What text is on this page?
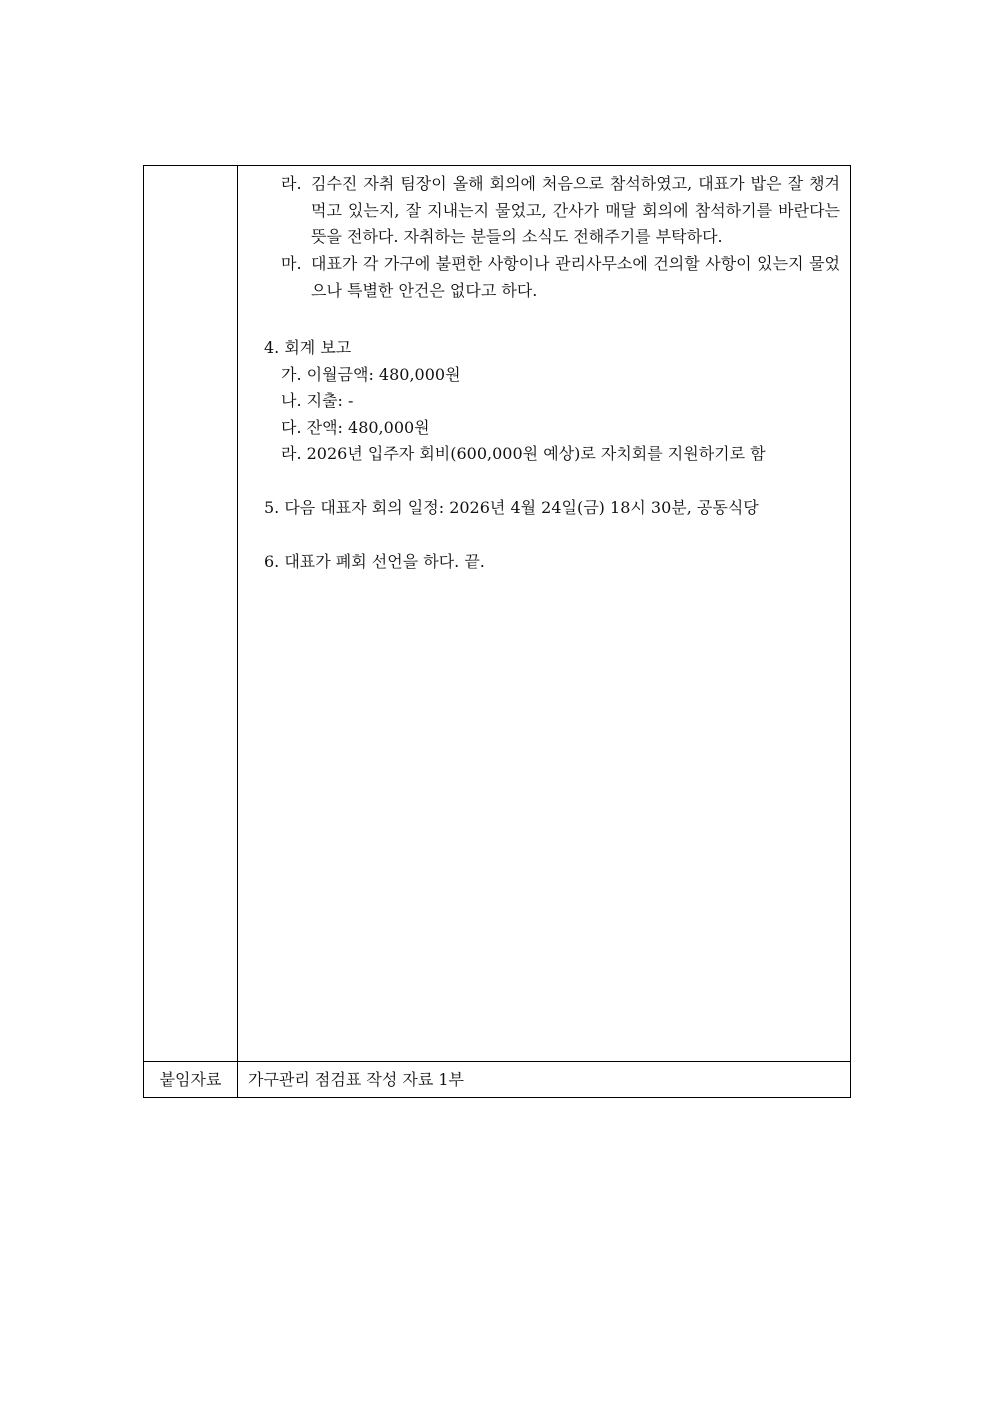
라. 김수진 자취 팀장이 올해 회의에 처음으로 참석하였고, 대표가 밥은 잘 챙겨 먹고 있는지, 잘 지내는지 물었고, 간사가 매달 회의에 참석하기를 바란다는 뜻을 전하다. 자취하는 분들의 소식도 전해주기를 부탁하다.
마. 대표가 각 가구에 불편한 사항이나 관리사무소에 건의할 사항이 있는지 물었으나 특별한 안건은 없다고 하다.
4. 회계 보고
가. 이월금액: 480,000원
나. 지출: -
다. 잔액: 480,000원
라. 2026년 입주자 회비(600,000원 예상)로 자치회를 지원하기로 함
5. 다음 대표자 회의 일정: 2026년 4월 24일(금) 18시 30분, 공동식당
6. 대표가 폐회 선언을 하다. 끝.
붙임자료	가구관리 점검표 작성 자료 1부
